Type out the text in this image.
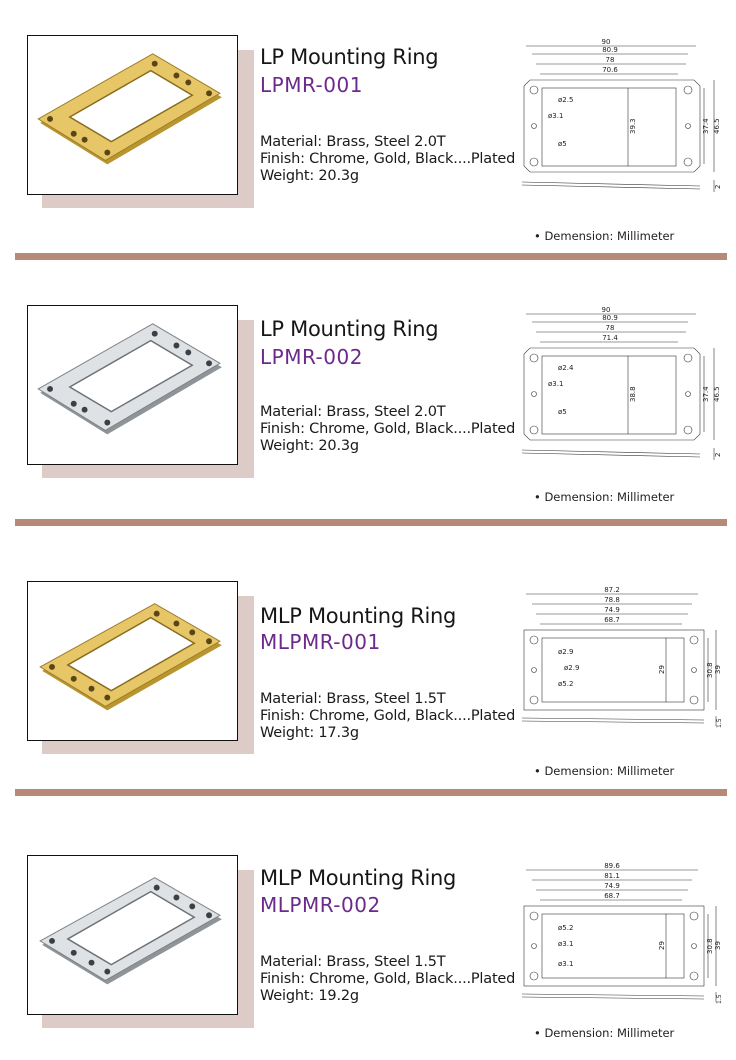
LP Mounting Ring
LPMR-001
Material: Brass, Steel 2.0T
Finish: Chrome, Gold, Black....Plated
Weight: 20.3g
90
80.9
78
70.6
ø2.5
ø3.1
ø5
39.3	37.4 46.5
2
• Demension: Millimeter
LP Mounting Ring
LPMR-002
Material: Brass, Steel 2.0T
Finish: Chrome, Gold, Black....Plated
Weight: 20.3g
90
80.9
78
71.4
ø2.4
ø3.1
ø5
38.8	37.4 46.5
2
• Demension: Millimeter
MLP Mounting Ring
MLPMR-001
Material: Brass, Steel 1.5T
Finish: Chrome, Gold, Black....Plated
Weight: 17.3g
87.2
78.8
74.9
68.7
ø2.9
ø2.9
ø5.2
29	30.8 39
1.5
• Demension: Millimeter
MLP Mounting Ring
MLPMR-002
Material: Brass, Steel 1.5T
Finish: Chrome, Gold, Black....Plated
Weight: 19.2g
89.6
81.1
74.9
68.7
ø5.2
ø3.1
ø3.1
29	30.8 39
1.5
• Demension: Millimeter
